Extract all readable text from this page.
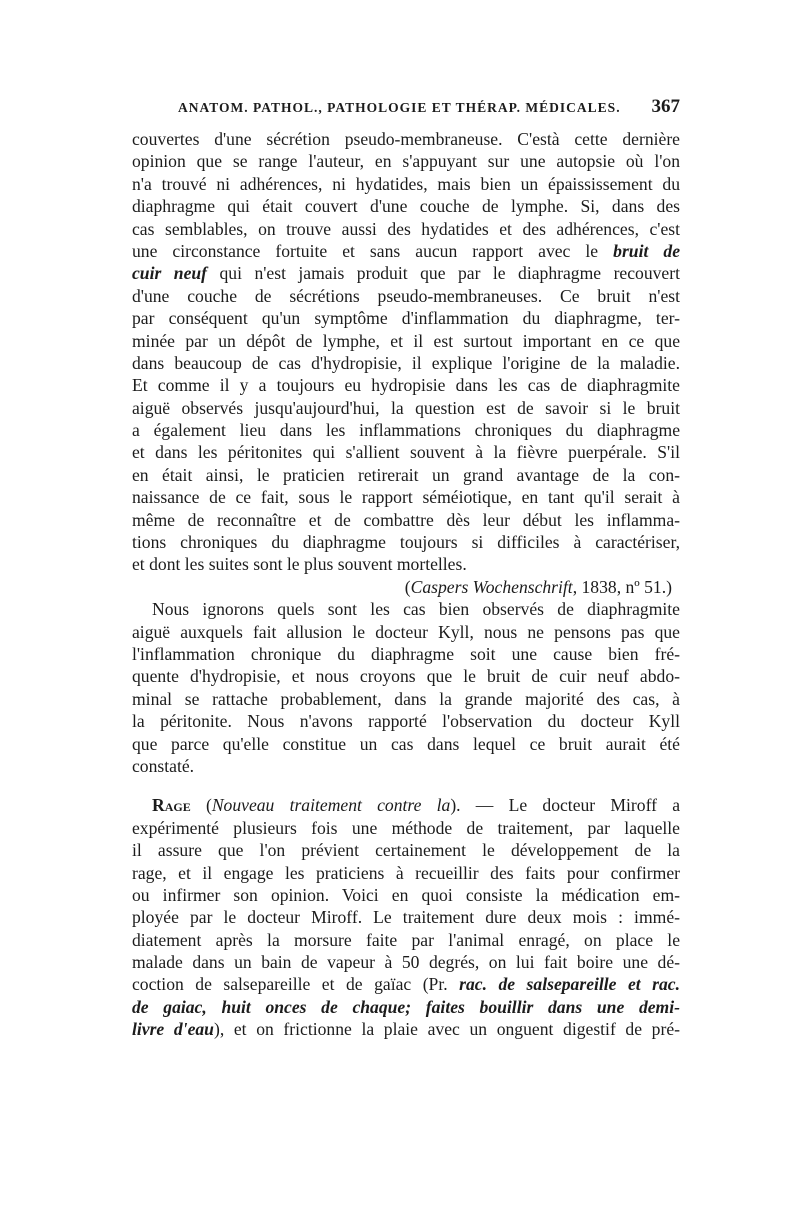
ANATOM. PATHOL., PATHOLOGIE ET THÉRAP. MÉDICALES. 367
couvertes d'une sécrétion pseudo-membraneuse. C'està cette dernière
opinion que se range l'auteur, en s'appuyant sur une autopsie où l'on
n'a trouvé ni adhérences, ni hydatides, mais bien un épaississement du
diaphragme qui était couvert d'une couche de lymphe. Si, dans des
cas semblables, on trouve aussi des hydatides et des adhérences, c'est
une circonstance fortuite et sans aucun rapport avec le bruit de
cuir neuf qui n'est jamais produit que par le diaphragme recouvert
d'une couche de sécrétions pseudo-membraneuses. Ce bruit n'est
par conséquent qu'un symptôme d'inflammation du diaphragme, ter-
minée par un dépôt de lymphe, et il est surtout important en ce que
dans beaucoup de cas d'hydropisie, il explique l'origine de la maladie.
Et comme il y a toujours eu hydropisie dans les cas de diaphragmite
aiguë observés jusqu'aujourd'hui, la question est de savoir si le bruit
a également lieu dans les inflammations chroniques du diaphragme
et dans les péritonites qui s'allient souvent à la fièvre puerpérale. S'il
en était ainsi, le praticien retirerait un grand avantage de la con-
naissance de ce fait, sous le rapport séméiotique, en tant qu'il serait à
même de reconnaître et de combattre dès leur début les inflamma-
tions chroniques du diaphragme toujours si difficiles à caractériser,
et dont les suites sont le plus souvent mortelles.
(Caspers Wochenschrift, 1838, nº 51.)
Nous ignorons quels sont les cas bien observés de diaphragmite
aiguë auxquels fait allusion le docteur Kyll, nous ne pensons pas que
l'inflammation chronique du diaphragme soit une cause bien fré-
quente d'hydropisie, et nous croyons que le bruit de cuir neuf abdo-
minal se rattache probablement, dans la grande majorité des cas, à
la péritonite. Nous n'avons rapporté l'observation du docteur Kyll
que parce qu'elle constitue un cas dans lequel ce bruit aurait été
constaté.
Rage (Nouveau traitement contre la). — Le docteur Miroff a
expérimenté plusieurs fois une méthode de traitement, par laquelle
il assure que l'on prévient certainement le développement de la
rage, et il engage les praticiens à recueillir des faits pour confirmer
ou infirmer son opinion. Voici en quoi consiste la médication em-
ployée par le docteur Miroff. Le traitement dure deux mois : immé-
diatement après la morsure faite par l'animal enragé, on place le
malade dans un bain de vapeur à 50 degrés, on lui fait boire une dé-
coction de salsepareille et de gaïac (Pr. rac. de salsepareille et rac.
de gaiac, huit onces de chaque; faites bouillir dans une demi-
livre d'eau), et on frictionne la plaie avec un onguent digestif de pré-
